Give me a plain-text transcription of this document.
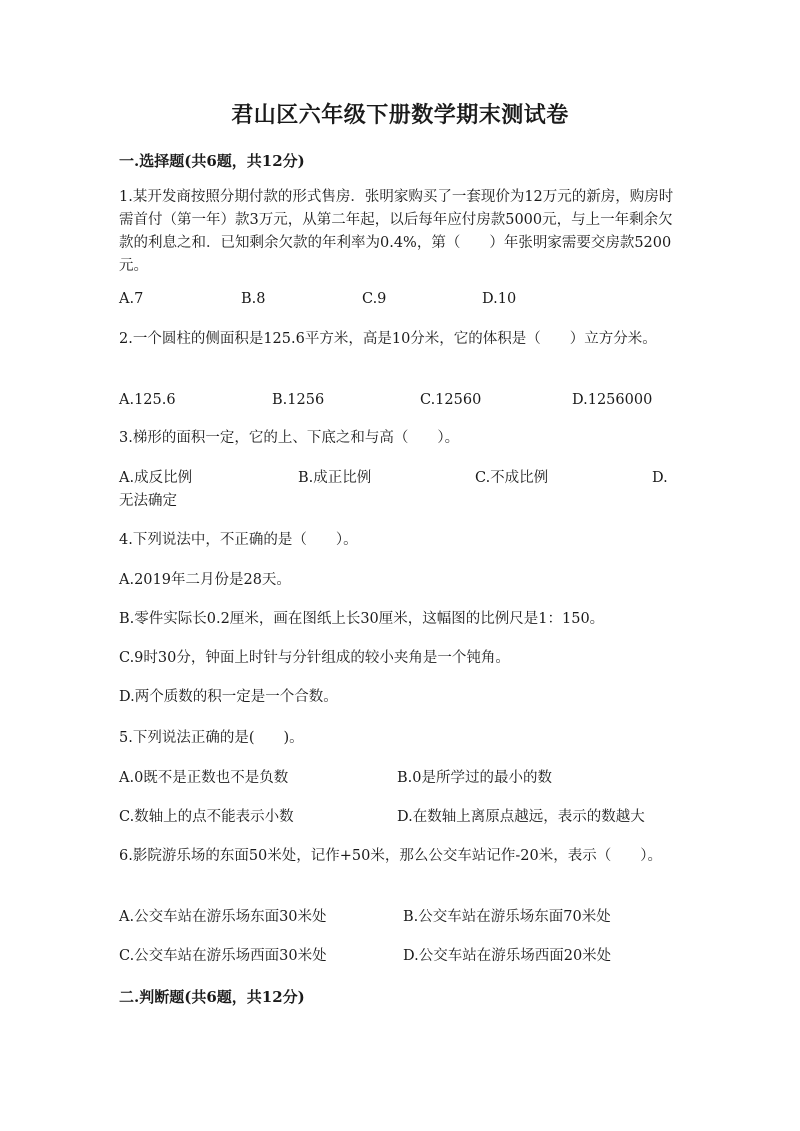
君山区六年级下册数学期末测试卷
一.选择题(共6题，共12分)
1.某开发商按照分期付款的形式售房．张明家购买了一套现价为12万元的新房，购房时需首付（第一年）款3万元，从第二年起，以后每年应付房款5000元，与上一年剩余欠款的利息之和．已知剩余欠款的年利率为0.4%，第（　　）年张明家需要交房款5200元。
A.7	B.8	C.9	D.10
2.一个圆柱的侧面积是125.6平方米，高是10分米，它的体积是（　　）立方分米。
A.125.6	B.1256	C.12560	D.1256000
3.梯形的面积一定，它的上、下底之和与高（　　）。
A.成反比例	B.成正比例	C.不成比例	D.
无法确定
4.下列说法中，不正确的是（　　）。
A.2019年二月份是28天。
B.零件实际长0.2厘米，画在图纸上长30厘米，这幅图的比例尺是1：150。
C.9时30分，钟面上时针与分针组成的较小夹角是一个钝角。
D.两个质数的积一定是一个合数。
5.下列说法正确的是(　　)。
A.0既不是正数也不是负数	B.0是所学过的最小的数
C.数轴上的点不能表示小数	D.在数轴上离原点越远，表示的数越大
6.影院游乐场的东面50米处，记作+50米，那么公交车站记作-20米，表示（　　）。
A.公交车站在游乐场东面30米处	B.公交车站在游乐场东面70米处
C.公交车站在游乐场西面30米处	D.公交车站在游乐场西面20米处
二.判断题(共6题，共12分)
